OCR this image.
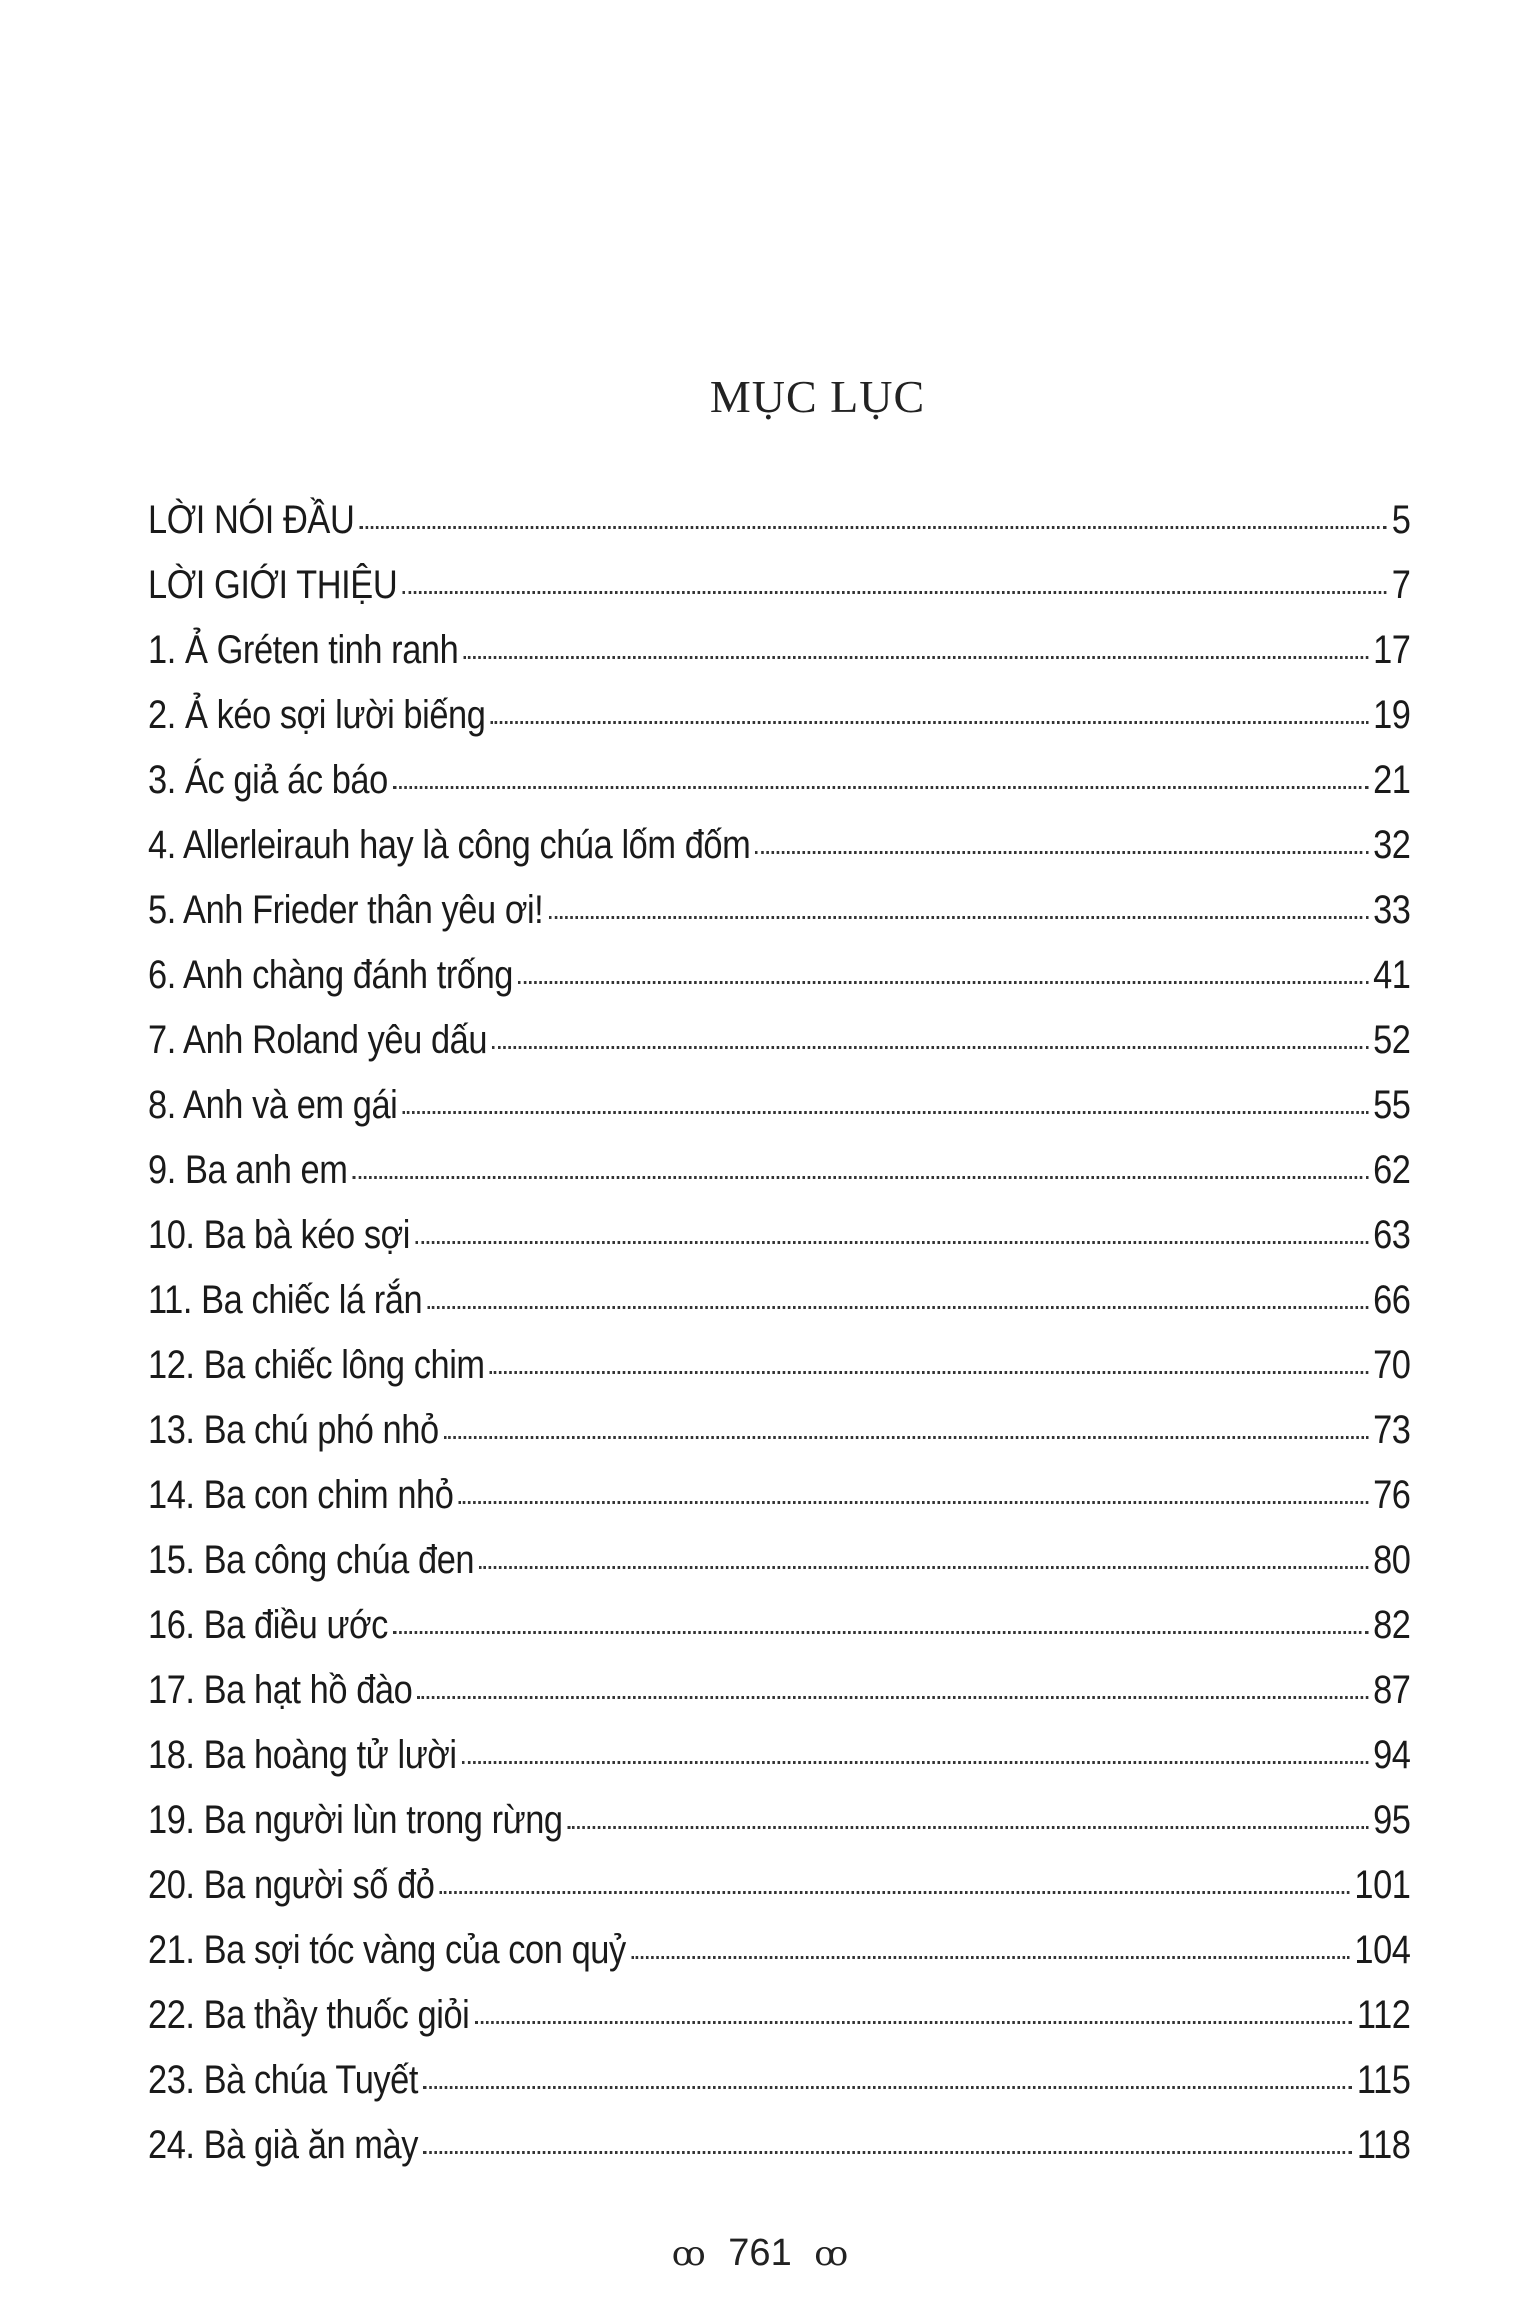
MỤC LỤC
LỜI NÓI ĐẦU	5
LỜI GIỚI THIỆU	7
1. Ả Gréten tinh ranh	17
2. Ả kéo sợi lười biếng	19
3. Ác giả ác báo	21
4. Allerleirauh hay là công chúa lốm đốm	32
5. Anh Frieder thân yêu ơi!	33
6. Anh chàng đánh trống	41
7. Anh Roland yêu dấu	52
8. Anh và em gái	55
9. Ba anh em	62
10. Ba bà kéo sợi	63
11. Ba chiếc lá rắn	66
12. Ba chiếc lông chim	70
13. Ba chú phó nhỏ	73
14. Ba con chim nhỏ	76
15. Ba công chúa đen	80
16. Ba điều ước	82
17. Ba hạt hồ đào	87
18. Ba hoàng tử lười	94
19. Ba người lùn trong rừng	95
20. Ba người số đỏ	101
21. Ba sợi tóc vàng của con quỷ	104
22. Ba thầy thuốc giỏi	112
23. Bà chúa Tuyết	115
24. Bà già ăn mày	118
ꚙ 761 ꚙ
